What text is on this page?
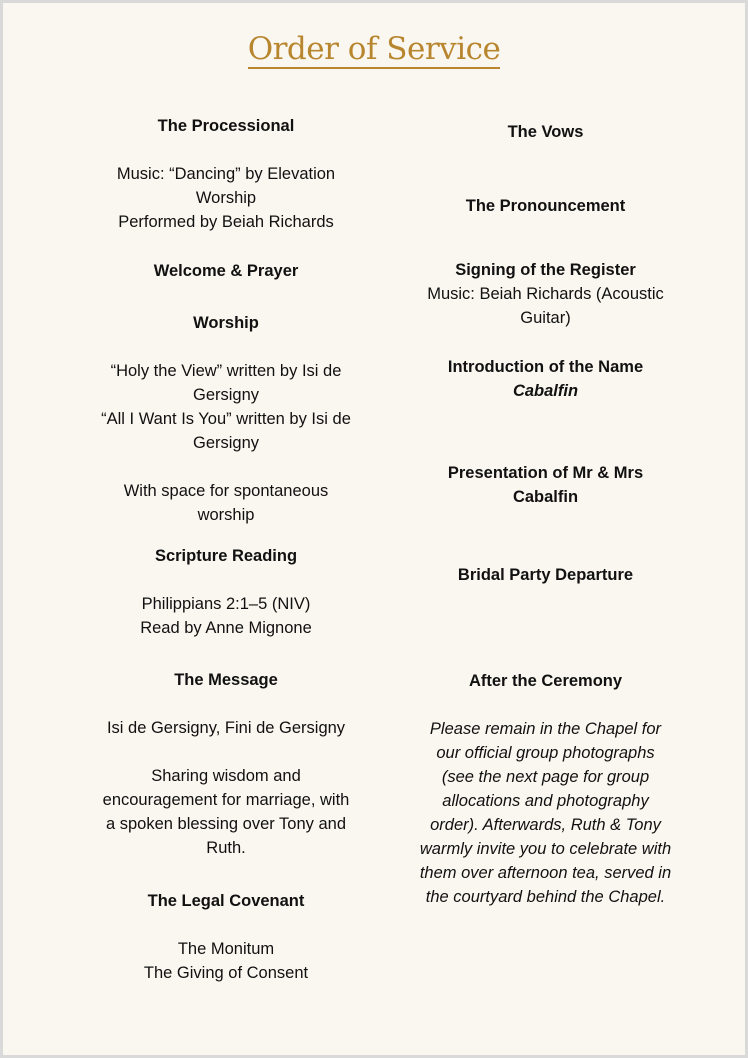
Order of Service
The Processional
Music: “Dancing” by Elevation
Worship
Performed by Beiah Richards
Welcome & Prayer
Worship
“Holy the View” written by Isi de
Gersigny
“All I Want Is You” written by Isi de
Gersigny
With space for spontaneous
worship
Scripture Reading
Philippians 2:1–5 (NIV)
Read by Anne Mignone
The Message
Isi de Gersigny, Fini de Gersigny
Sharing wisdom and
encouragement for marriage, with
a spoken blessing over Tony and
Ruth.
The Legal Covenant
The Monitum
The Giving of Consent
The Vows
The Pronouncement
Signing of the Register
Music: Beiah Richards (Acoustic
Guitar)
Introduction of the Name
Cabalfin
Presentation of Mr & Mrs
Cabalfin
Bridal Party Departure
After the Ceremony
Please remain in the Chapel for
our official group photographs
(see the next page for group
allocations and photography
order). Afterwards, Ruth & Tony
warmly invite you to celebrate with
them over afternoon tea, served in
the courtyard behind the Chapel.
